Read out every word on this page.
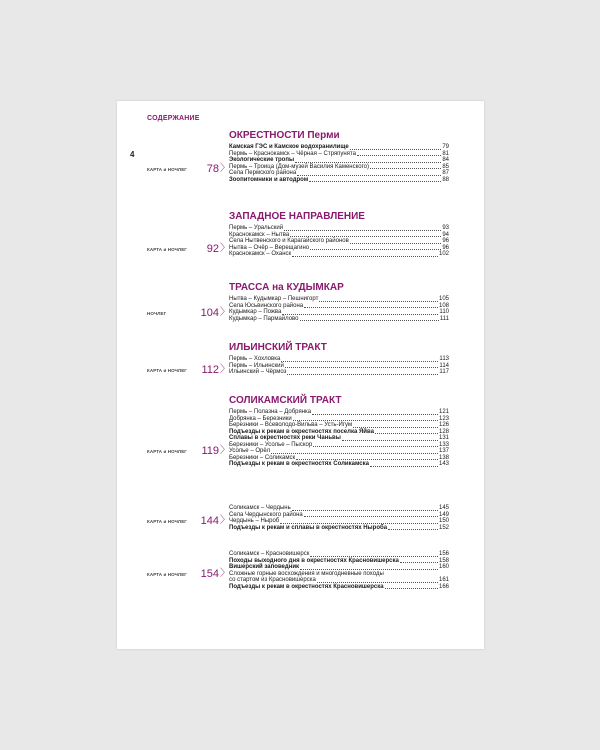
СОДЕРЖАНИЕ
4
КАРТА и НОЧЛЕГ	78 〉
КАРТА и НОЧЛЕГ	92 〉
НОЧЛЕГ	104 〉
КАРТА и НОЧЛЕГ	112 〉
КАРТА и НОЧЛЕГ	119 〉
КАРТА и НОЧЛЕГ	144 〉
КАРТА и НОЧЛЕГ	154 〉
ОКРЕСТНОСТИ Перми
Камская ГЭС и Камское водохранилище	79
Пермь – Краснокамск – Чёрная – Стряпунята	81
Экологические тропы	84
Пермь – Троица (Дом-музей Василия Каменского)	85
Села Пермского района	87
Зоопитомники и автодром	88
ЗАПАДНОЕ НАПРАВЛЕНИЕ
Пермь – Уральский	93
Краснокамск – Нытва	94
Села Нытвенского и Карагайского районов	96
Нытва – Очёр – Верещагино	96
Краснокамск – Оханск	102
ТРАССА на КУДЫМКАР
Нытва – Кудымкар – Пешнигорт	105
Села Юсьвинского района	108
Кудымкар – Пожва	110
Кудымкар – Пармайлово	111
ИЛЬИНСКИЙ ТРАКТ
Пермь – Хохловка	113
Пермь – Ильинский	114
Ильинский – Чёрмоз	117
СОЛИКАМСКИЙ ТРАКТ
Пермь – Полазна – Добрянка	121
Добрянка – Березники	123
Березники – Всеволодо-Вильва – Усть-Игум	126
Подъезды к рекам в окрестностях поселка Яйва	128
Сплавы в окрестностях реки Чаньвы	131
Березники – Усолье – Пыскор	133
Усолье – Орёл	137
Березники – Соликамск	138
Подъезды к рекам в окрестностях Соликамска	143
Соликамск – Чердынь	145
Села Чердынского района	149
Чердынь – Ныроб	150
Подъезды к рекам и сплавы в окрестностях Ныроба	152
Соликамск – Красновишерск	156
Походы выходного дня в окрестностях Красновишерска	158
Вишерский заповедник	160
Сложные горные восхождения и многодневные походы
со стартом из Красновишерска	161
Подъезды к рекам в окрестностях Красновишерска	166
